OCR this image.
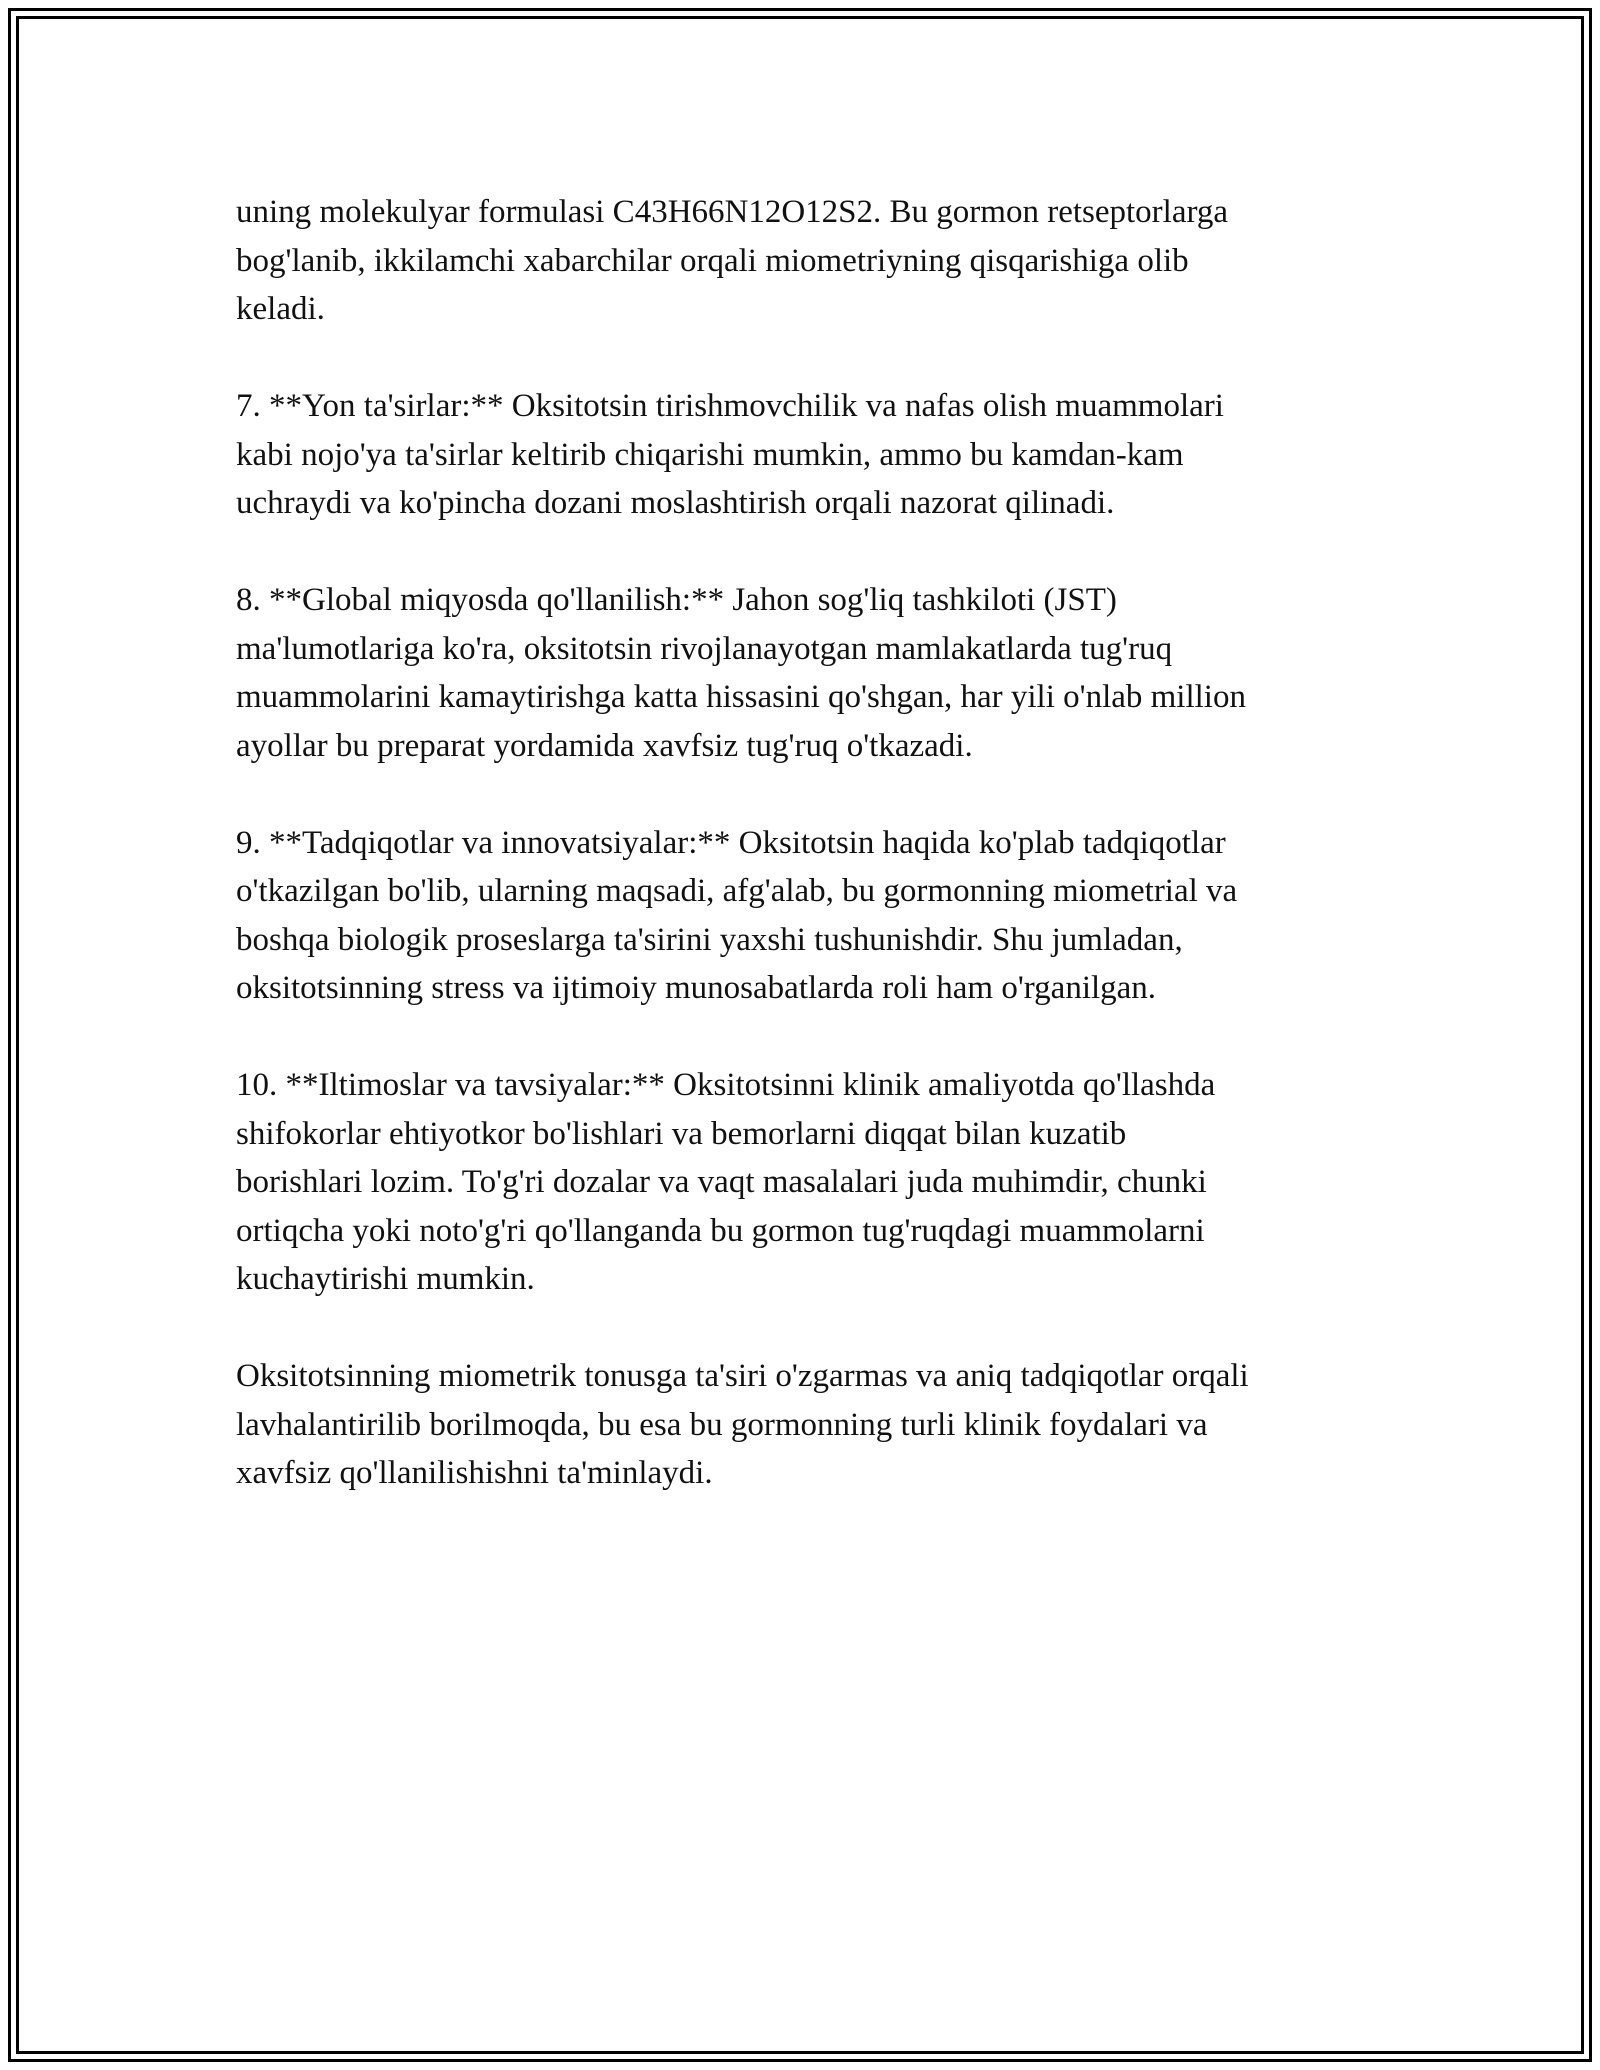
uning molekulyar formulasi C43H66N12O12S2. Bu gormon retseptorlarga
bog'lanib, ikkilamchi xabarchilar orqali miometriyning qisqarishiga olib
keladi.

7. **Yon ta'sirlar:** Oksitotsin tirishmovchilik va nafas olish muammolari
kabi nojo'ya ta'sirlar keltirib chiqarishi mumkin, ammo bu kamdan-kam
uchraydi va ko'pincha dozani moslashtirish orqali nazorat qilinadi.

8. **Global miqyosda qo'llanilish:** Jahon sog'liq tashkiloti (JST)
ma'lumotlariga ko'ra, oksitotsin rivojlanayotgan mamlakatlarda tug'ruq
muammolarini kamaytirishga katta hissasini qo'shgan, har yili o'nlab million
ayollar bu preparat yordamida xavfsiz tug'ruq o'tkazadi.

9. **Tadqiqotlar va innovatsiyalar:** Oksitotsin haqida ko'plab tadqiqotlar
o'tkazilgan bo'lib, ularning maqsadi, afg'alab, bu gormonning miometrial va
boshqa biologik proseslarga ta'sirini yaxshi tushunishdir. Shu jumladan,
oksitotsinning stress va ijtimoiy munosabatlarda roli ham o'rganilgan.

10. **Iltimoslar va tavsiyalar:** Oksitotsinni klinik amaliyotda qo'llashda
shifokorlar ehtiyotkor bo'lishlari va bemorlarni diqqat bilan kuzatib
borishlari lozim. To'g'ri dozalar va vaqt masalalari juda muhimdir, chunki
ortiqcha yoki noto'g'ri qo'llanganda bu gormon tug'ruqdagi muammolarni
kuchaytirishi mumkin.

Oksitotsinning miometrik tonusga ta'siri o'zgarmas va aniq tadqiqotlar orqali
lavhalantirilib borilmoqda, bu esa bu gormonning turli klinik foydalari va
xavfsiz qo'llanilishishni ta'minlaydi.
